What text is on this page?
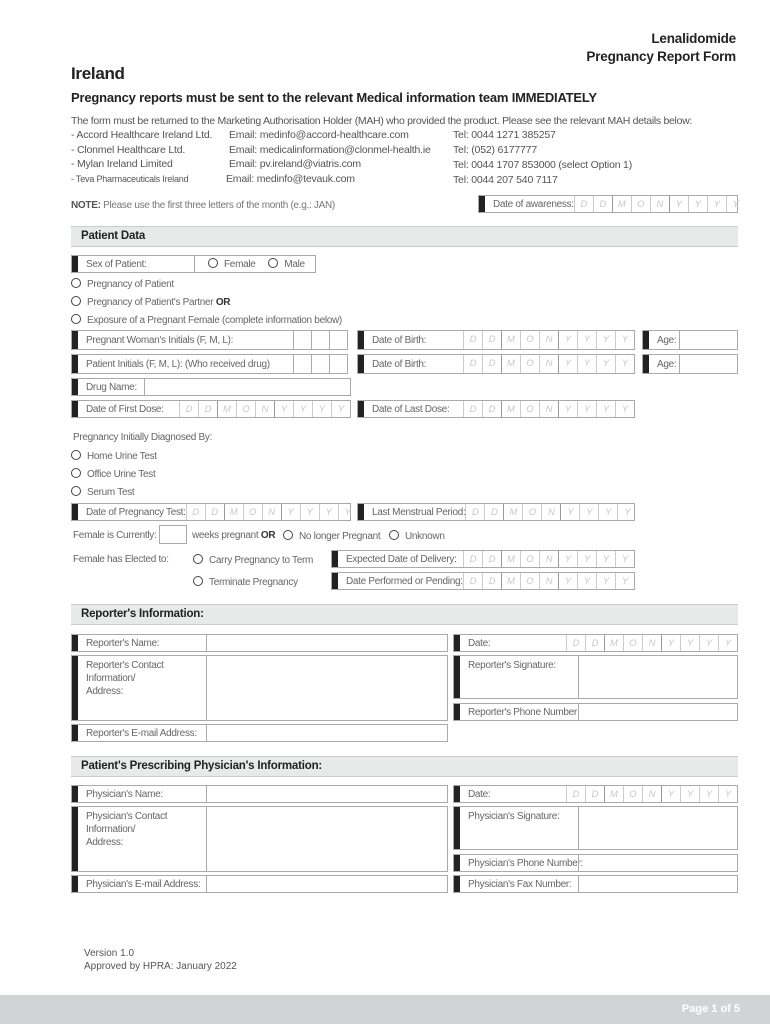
Lenalidomide
Pregnancy Report Form
Ireland
Pregnancy reports must be sent to the relevant Medical information team IMMEDIATELY
The form must be returned to the Marketing Authorisation Holder (MAH) who provided the product. Please see the relevant MAH details below:
- Accord Healthcare Ireland Ltd. Email: medinfo@accord-healthcare.com	Tel: 0044 1271 385257
- Clonmel Healthcare Ltd.	Email: medicalinformation@clonmel-health.ie Tel: (052) 6177777
- Mylan Ireland Limited	Email: pv.ireland@viatris.com	Tel: 0044 1707 853000 (select Option 1)
- Teva Pharmaceuticals Ireland	Email: medinfo@tevauk.com	Tel: 0044 207 540 7117
NOTE: Please use the first three letters of the month (e.g.: JAN)	Date of awareness: D	D	M	O	N	Y	Y	Y	Y
Patient Data
Sex of Patient:	Female	Male
Pregnancy of Patient
Pregnancy of Patient's Partner OR
Exposure of a Pregnant Female (complete information below)
Pregnant Woman's Initials (F, M, L):	Date of Birth:	D	D	M	O	N	Y	Y	Y	Y	Age:
Patient Initials (F, M, L): (Who received drug)	Date of Birth:	D	D	M	O	N	Y	Y	Y	Y	Age:
Drug Name:
Date of First Dose:	D	D	M	O	N	Y	Y	Y	Y	Date of Last Dose:	D	D	M	O	N	Y	Y	Y	Y
Pregnancy Initially Diagnosed By:
Home Urine Test
Office Urine Test
Serum Test
Date of Pregnancy Test: D	D	M	O	N	Y	Y	Y	Y	Last Menstrual Period: D	D	M	O	N	Y	Y	Y	Y
Female is Currently:	weeks pregnant OR	No longer Pregnant	Unknown
Female has Elected to:	Carry Pregnancy to Term
Terminate Pregnancy
Expected Date of Delivery:	D	D	M	O	N	Y	Y	Y	Y
Date Performed or Pending: D	D	M	O	N	Y	Y	Y	Y
Reporter's Information:
Reporter's Name:
Reporter's Contact
Information/
Address:
Reporter's E-mail Address:
Date:	D	D	M	O	N	Y	Y	Y	Y
Reporter's Signature:
Reporter's Phone Number:
Patient's Prescribing Physician's Information:
Physician's Name:
Physician's Contact
Information/
Address:
Physician's E-mail Address:
Date:	D	D	M	O	N	Y	Y	Y	Y
Physician's Signature:
Physician's Phone Number:
Physician's Fax Number:
Version 1.0
Approved by HPRA: January 2022
Page 1 of 5
